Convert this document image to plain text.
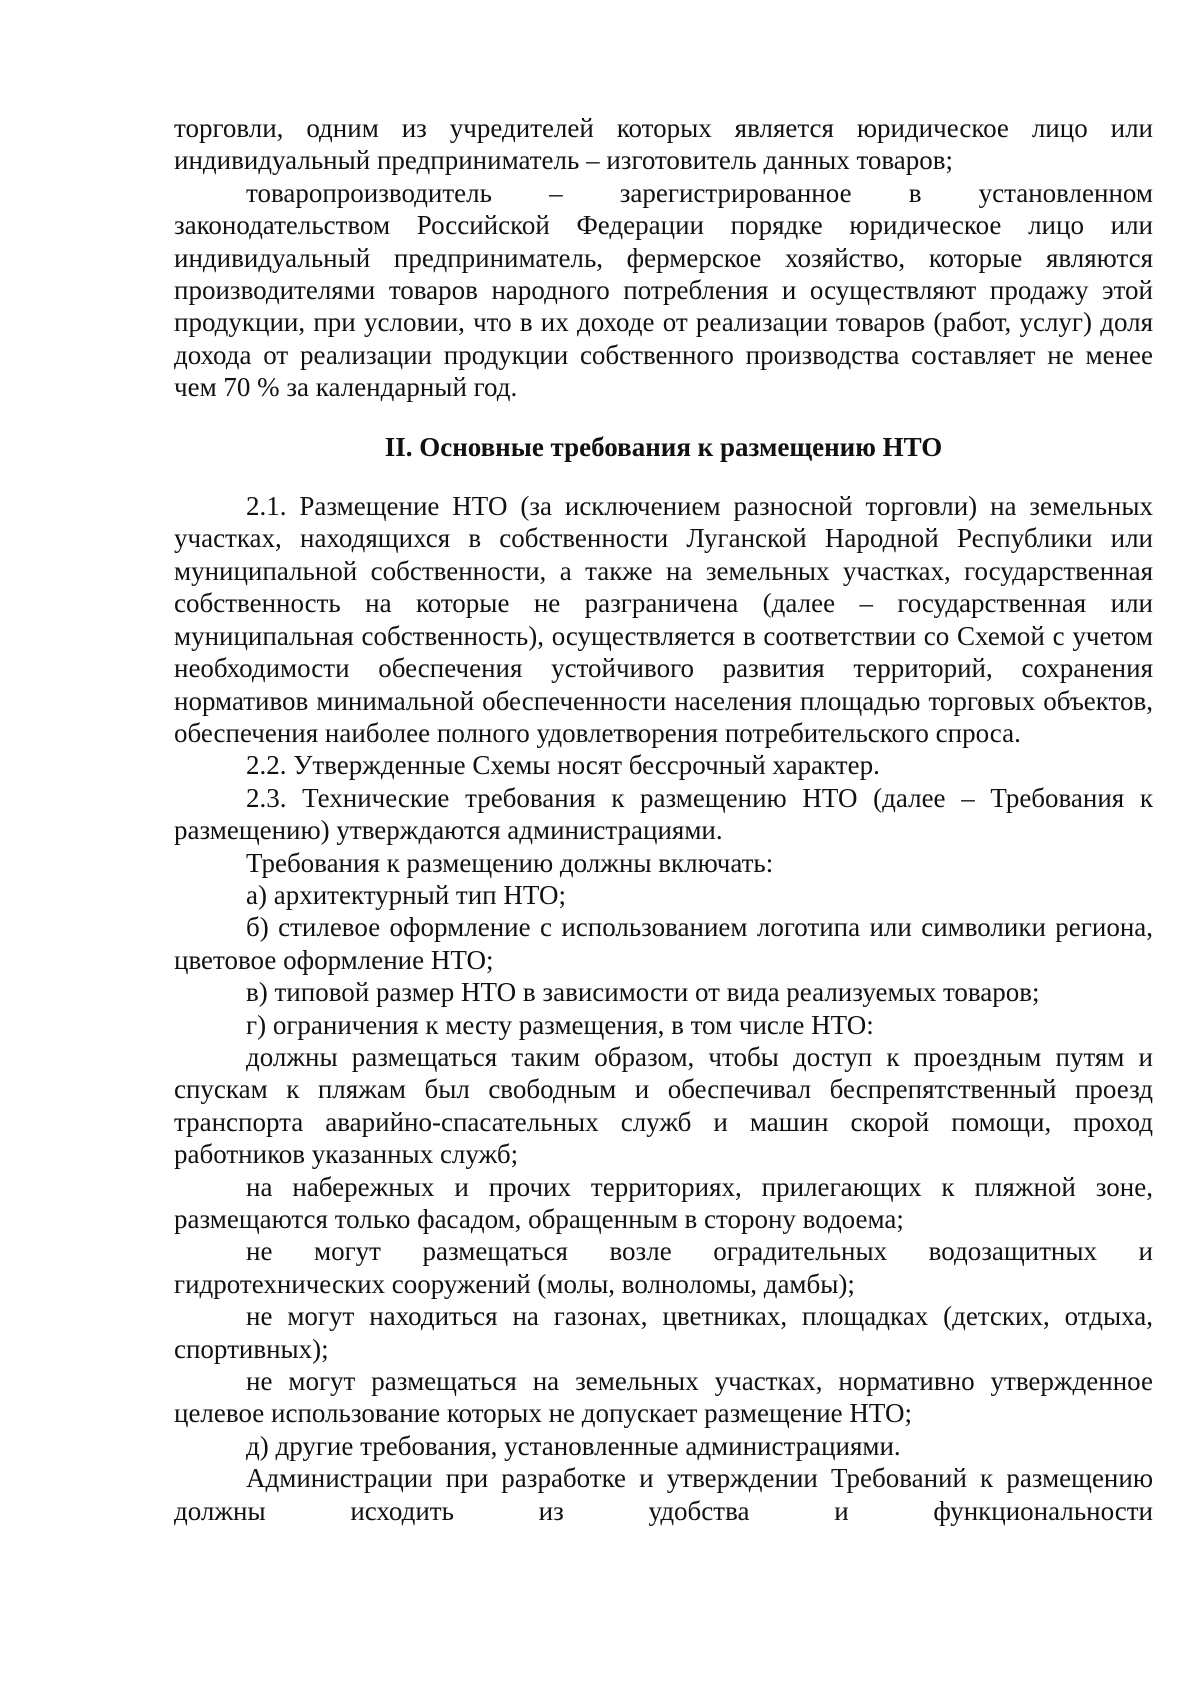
торговли, одним из учредителей которых является юридическое лицо или индивидуальный предприниматель – изготовитель данных товаров;

товаропроизводитель – зарегистрированное в установленном законодательством Российской Федерации порядке юридическое лицо или индивидуальный предприниматель, фермерское хозяйство, которые являются производителями товаров народного потребления и осуществляют продажу этой продукции, при условии, что в их доходе от реализации товаров (работ, услуг) доля дохода от реализации продукции собственного производства составляет не менее чем 70 % за календарный год.

II. Основные требования к размещению НТО

2.1. Размещение НТО (за исключением разносной торговли) на земельных участках, находящихся в собственности Луганской Народной Республики или муниципальной собственности, а также на земельных участках, государственная собственность на которые не разграничена (далее – государственная или муниципальная собственность), осуществляется в соответствии со Схемой с учетом необходимости обеспечения устойчивого развития территорий, сохранения нормативов минимальной обеспеченности населения площадью торговых объектов, обеспечения наиболее полного удовлетворения потребительского спроса.

2.2. Утвержденные Схемы носят бессрочный характер.

2.3. Технические требования к размещению НТО (далее – Требования к размещению) утверждаются администрациями.

Требования к размещению должны включать:

а) архитектурный тип НТО;

б) стилевое оформление с использованием логотипа или символики региона, цветовое оформление НТО;

в) типовой размер НТО в зависимости от вида реализуемых товаров;

г) ограничения к месту размещения, в том числе НТО:

должны размещаться таким образом, чтобы доступ к проездным путям и спускам к пляжам был свободным и обеспечивал беспрепятственный проезд транспорта аварийно-спасательных служб и машин скорой помощи, проход работников указанных служб;

на набережных и прочих территориях, прилегающих к пляжной зоне, размещаются только фасадом, обращенным в сторону водоема;

не могут размещаться возле оградительных водозащитных и гидротехнических сооружений (молы, волноломы, дамбы);

не могут находиться на газонах, цветниках, площадках (детских, отдыха, спортивных);

не могут размещаться на земельных участках, нормативно утвержденное целевое использование которых не допускает размещение НТО;

д) другие требования, установленные администрациями.

Администрации при разработке и утверждении Требований к размещению должны исходить из удобства и функциональности
